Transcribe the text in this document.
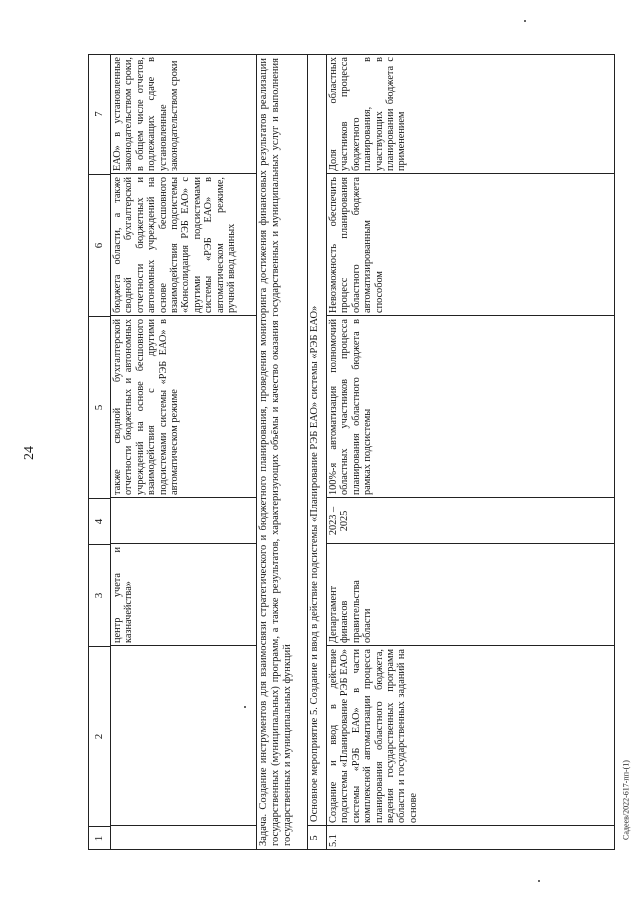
24
Садеев/2022-617-пп-(1)
1
2
3
4
5
6
7
центр учета и казначейства»
также сводной бухгалтерской отчетности бюджетных и автономных учреждений на основе бесшовного взаимодействия с другими подсистемами системы «РЭБ ЕАО» в автоматическом режиме
бюджета области, а также сводной бухгалтерской отчетности бюджетных и автономных учреждений на основе бесшовного взаимодействия подсистемы «Консолидация РЭБ ЕАО» с другими подсистемами системы «РЭБ ЕАО» в автоматическом режиме, ручной ввод данных
ЕАО» в установленные законодательством сроки, в общем числе отчетов, подлежащих сдаче в установленные законодательством сроки	Задача. Создание инструментов для взаимосвязи стратегического и бюджетного планирования, проведения мониторинга достижения финансовых результатов реализации государственных (муниципальных) программ, а также результатов, характеризующих объёмы и качество оказания государственных и муниципальных услуг и выполнения государственных и муниципальных функций	5
Основное мероприятие 5. Создание и ввод в действие подсистемы «Планирование РЭБ ЕАО» системы «РЭБ ЕАО»
5.1
Создание и ввод в действие подсистемы «Планирование РЭБ ЕАО» системы «РЭБ ЕАО» в части комплексной автоматизации процесса планирования областного бюджета, ведения государственных программ области и государственных заданий на основе
Департамент финансов правительства области
2023 – 2025
100%-я автоматизация полномочий областных участников процесса планирования областного бюджета в рамках подсистемы
Невозможность обеспечить процесс планирования областного бюджета автоматизированным способом
Доля областных участников процесса бюджетного планирования, в участвующих в планировании бюджета с применением
